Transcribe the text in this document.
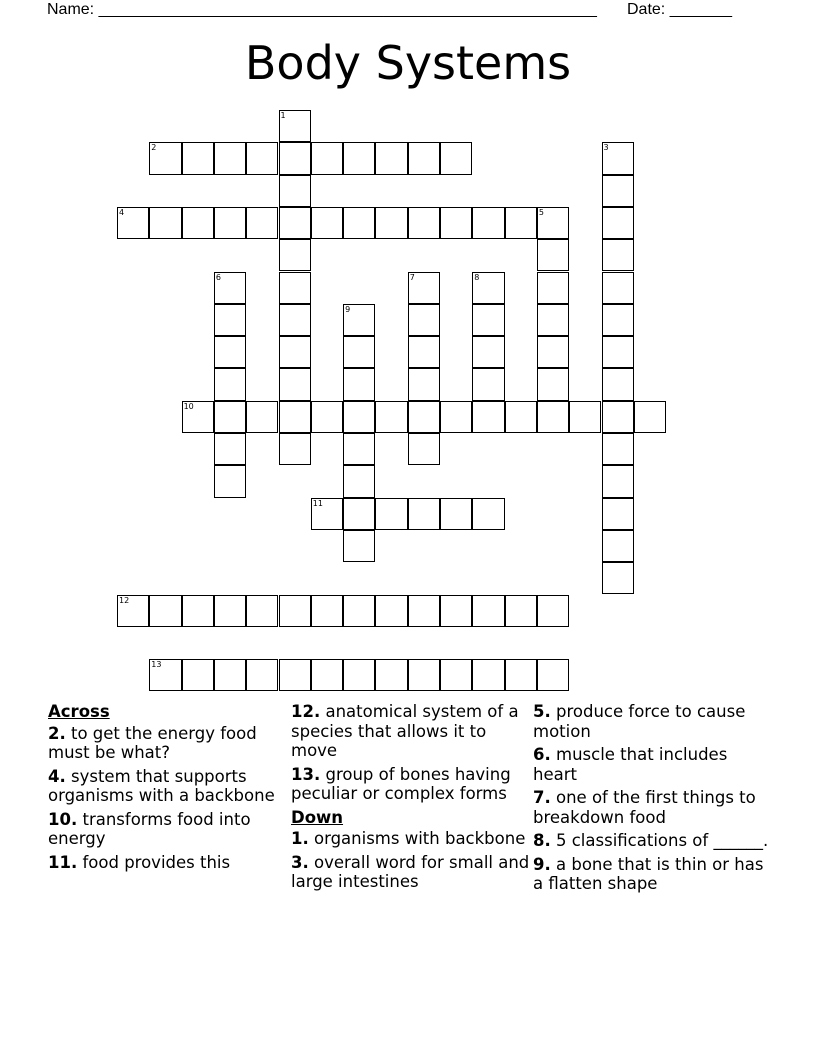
Name: ________________________________________________________ Date: _______
Body Systems
1
2	3
4	5
6	7	8
9
10
11
12
13
Across
2. to get the energy food must be what?
4. system that supports organisms with a backbone
10. transforms food into energy
11. food provides this
12. anatomical system of a species that allows it to move
13. group of bones having peculiar or complex forms
Down
1. organisms with backbone
3. overall word for small and large intestines
5. produce force to cause motion
6. muscle that includes heart
7. one of the first things to breakdown food
8. 5 classifications of ______.
9. a bone that is thin or has a flatten shape
